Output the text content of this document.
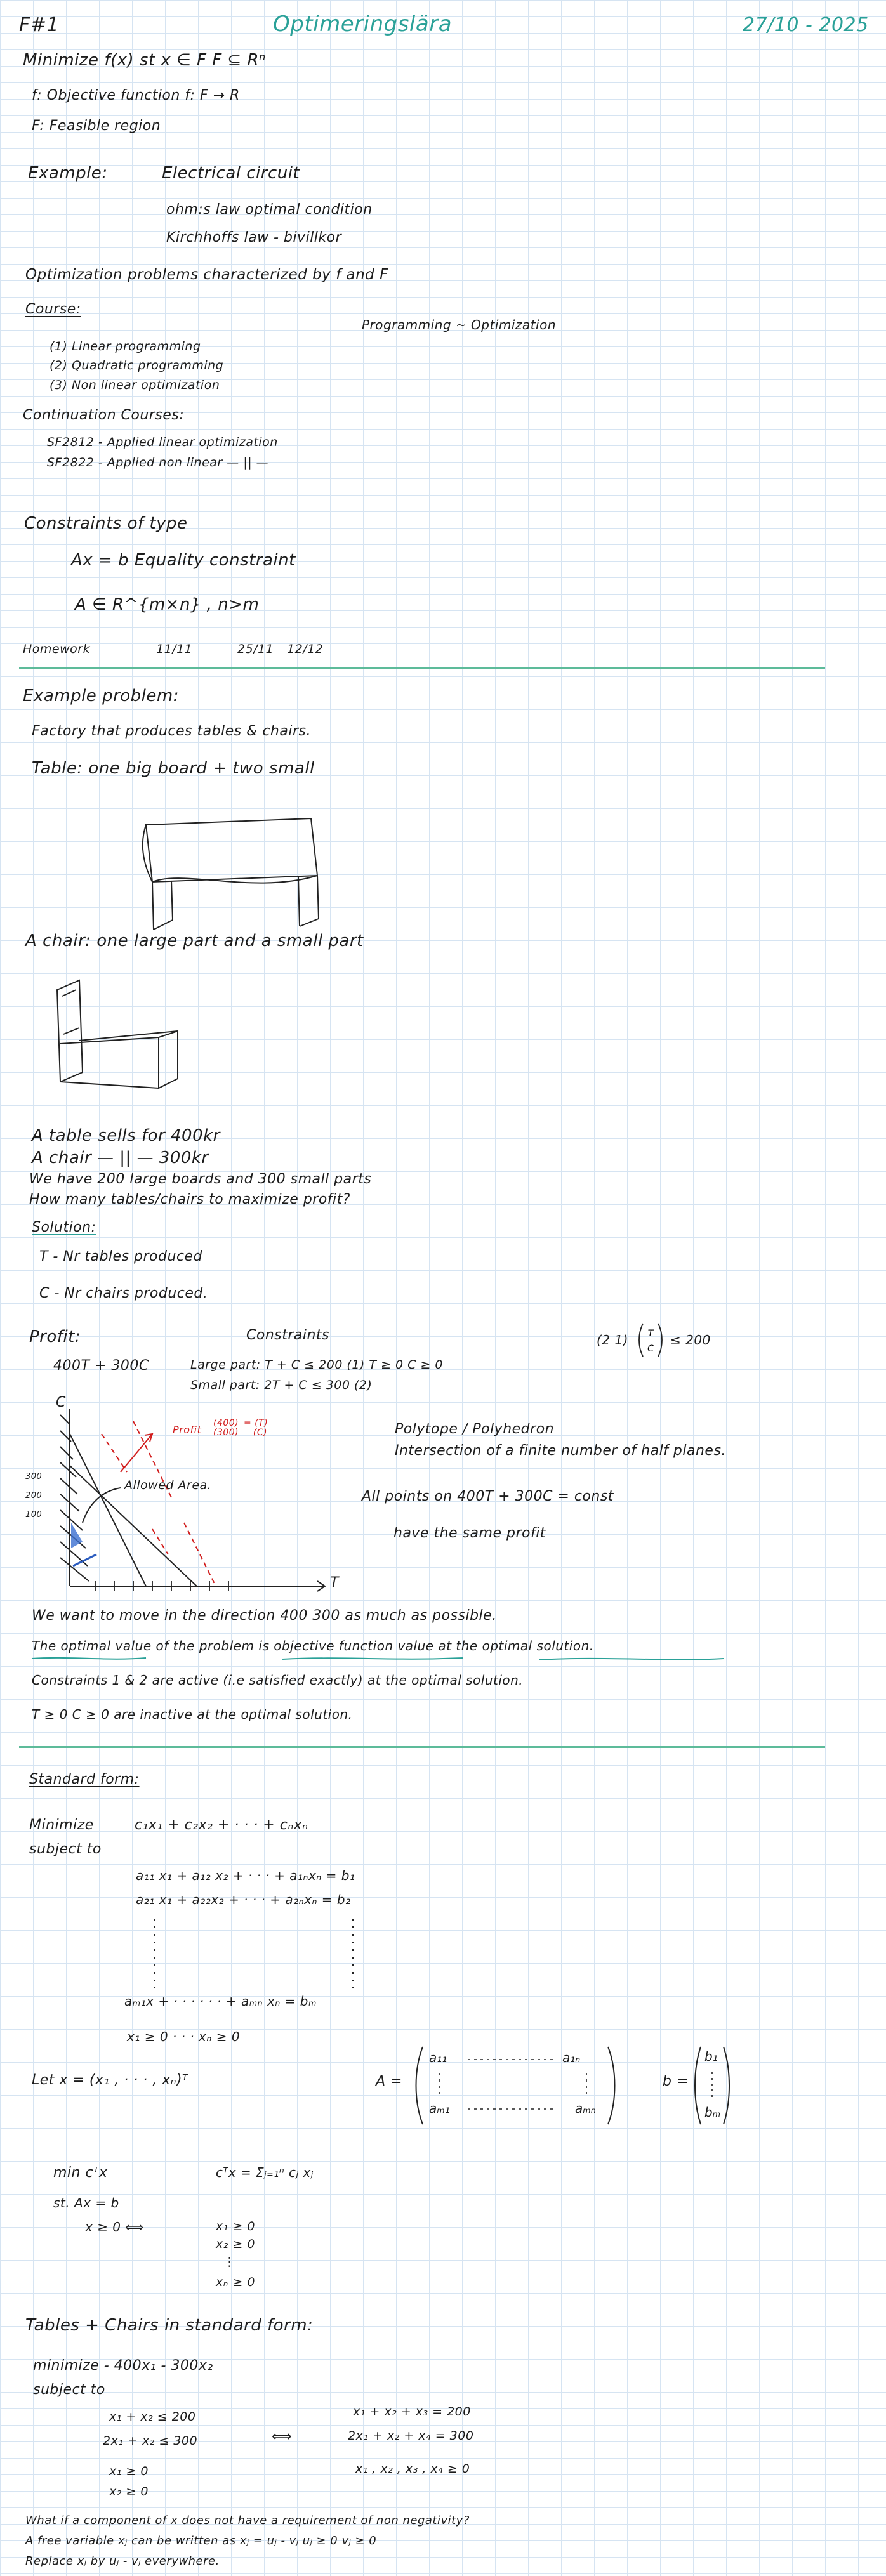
F#1	Optimeringslära	27/10 - 2025
Minimize f(x) st x ∈ F F ⊆ Rⁿ
f: Objective function f: F → R
F: Feasible region
Example:	Electrical circuit
ohm:s law optimal condition
Kirchhoffs law - bivillkor
Optimization problems characterized by f and F
Course:
Programming ~ Optimization
(1) Linear programming
(2) Quadratic programming
(3) Non linear optimization
Continuation Courses:
SF2812 - Applied linear optimization
SF2822 - Applied non linear — || —
Constraints of type
Ax = b Equality constraint
A ∈ R^{m×n} , n>m
Homework	11/11	25/11 12/12
Example problem:
Factory that produces tables & chairs.
Table: one big board + two small
A chair: one large part and a small part
A table sells for 400kr
A chair — || — 300kr
We have 200 large boards and 300 small parts
How many tables/chairs to maximize profit?
Solution:
T - Nr tables produced
C - Nr chairs produced.
Profit:	Constraints
400T + 300C	Large part: T + C ≤ 200 (1) T ≥ 0 C ≥ 0
Small part: 2T + C ≤ 300 (2)
(2 1) T
C
≤ 200
C
T
300
200
100
Profit
(400)
(300)
= (T)
(C)
Allowed Area.
Polytope / Polyhedron
Intersection of a finite number of half planes.
All points on 400T + 300C = const
have the same profit
We want to move in the direction 400 300 as much as possible.
The optimal value of the problem is objective function value at the optimal solution.
Constraints 1 & 2 are active (i.e satisfied exactly) at the optimal solution.
T ≥ 0 C ≥ 0 are inactive at the optimal solution.
Standard form:
Minimize	c₁x₁ + c₂x₂ + · · · + cₙxₙ
subject to
a₁₁ x₁ + a₁₂ x₂ + · · · + a₁ₙxₙ = b₁
a₂₁ x₁ + a₂₂x₂ + · · · + a₂ₙxₙ = b₂
aₘ₁x + · · · · · · + aₘₙ xₙ = bₘ
x₁ ≥ 0 · · · xₙ ≥ 0
Let x = (x₁ , · · · , xₙ)ᵀ	A =
a₁₁	a₁ₙ
aₘ₁	aₘₙ
b =
b₁
bₘ
min cᵀx	cᵀx = Σⱼ₌₁ⁿ cⱼ xⱼ
st. Ax = b
x ≥ 0 ⟺	x₁ ≥ 0
x₂ ≥ 0
⋮
xₙ ≥ 0
Tables + Chairs in standard form:
minimize - 400x₁ - 300x₂
subject to
x₁ + x₂ ≤ 200
2x₁ + x₂ ≤ 300
x₁ ≥ 0
x₂ ≥ 0
⟺
x₁ + x₂ + x₃ = 200
2x₁ + x₂ + x₄ = 300
x₁ , x₂ , x₃ , x₄ ≥ 0
What if a component of x does not have a requirement of non negativity?
A free variable xⱼ can be written as xⱼ = uⱼ - vⱼ uⱼ ≥ 0 vⱼ ≥ 0
Replace xⱼ by uⱼ - vⱼ everywhere.
